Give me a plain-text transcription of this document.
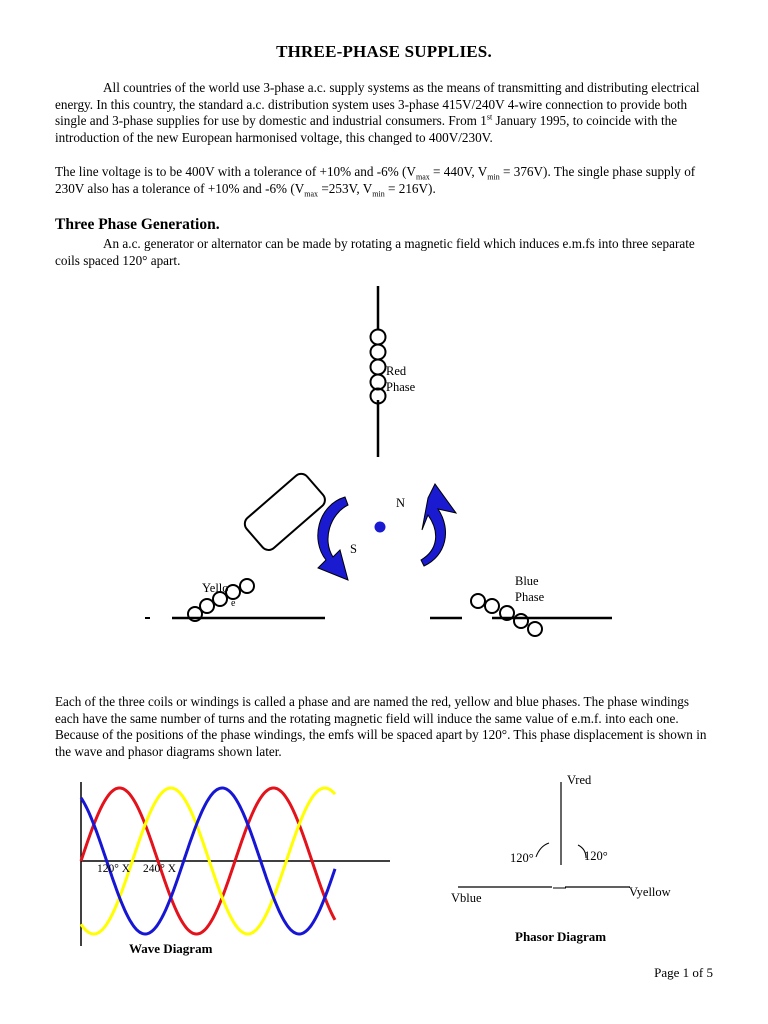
THREE-PHASE SUPPLIES.
All countries of the world use 3-phase a.c. supply systems as the means of transmitting and distributing electrical energy. In this country, the standard a.c. distribution system uses 3-phase 415V/240V 4-wire connection to provide both single and 3-phase supplies for use by domestic and industrial consumers. From 1st January 1995, to coincide with the introduction of the new European harmonised voltage, this changed to 400V/230V.
The line voltage is to be 400V with a tolerance of +10% and -6% ($V_{max} = 440V$, $V_{min} = 376V$). The single phase supply of 230V also has a tolerance of +10% and -6% ($V_{max} =253V$, $V_{min} = 216V$).
Three Phase Generation.
An a.c. generator or alternator can be made by rotating a magnetic field which induces e.m.fs into three separate coils spaced 120° apart.
Red
Phase
N
S
Yello
e
Blue
Phase
Each of the three coils or windings is called a phase and are named the red, yellow and blue phases. The phase windings each have the same number of turns and the rotating magnetic field will induce the same value of e.m.f. into each one. Because of the positions of the phase windings, the emfs will be spaced apart by 120°. This phase displacement is shown in the wave and phasor diagrams shown later.
120° X 240° X
Wave Diagram
Vred
120°	120°
Vblue	Vyellow
Phasor Diagram
Page 1 of 5
